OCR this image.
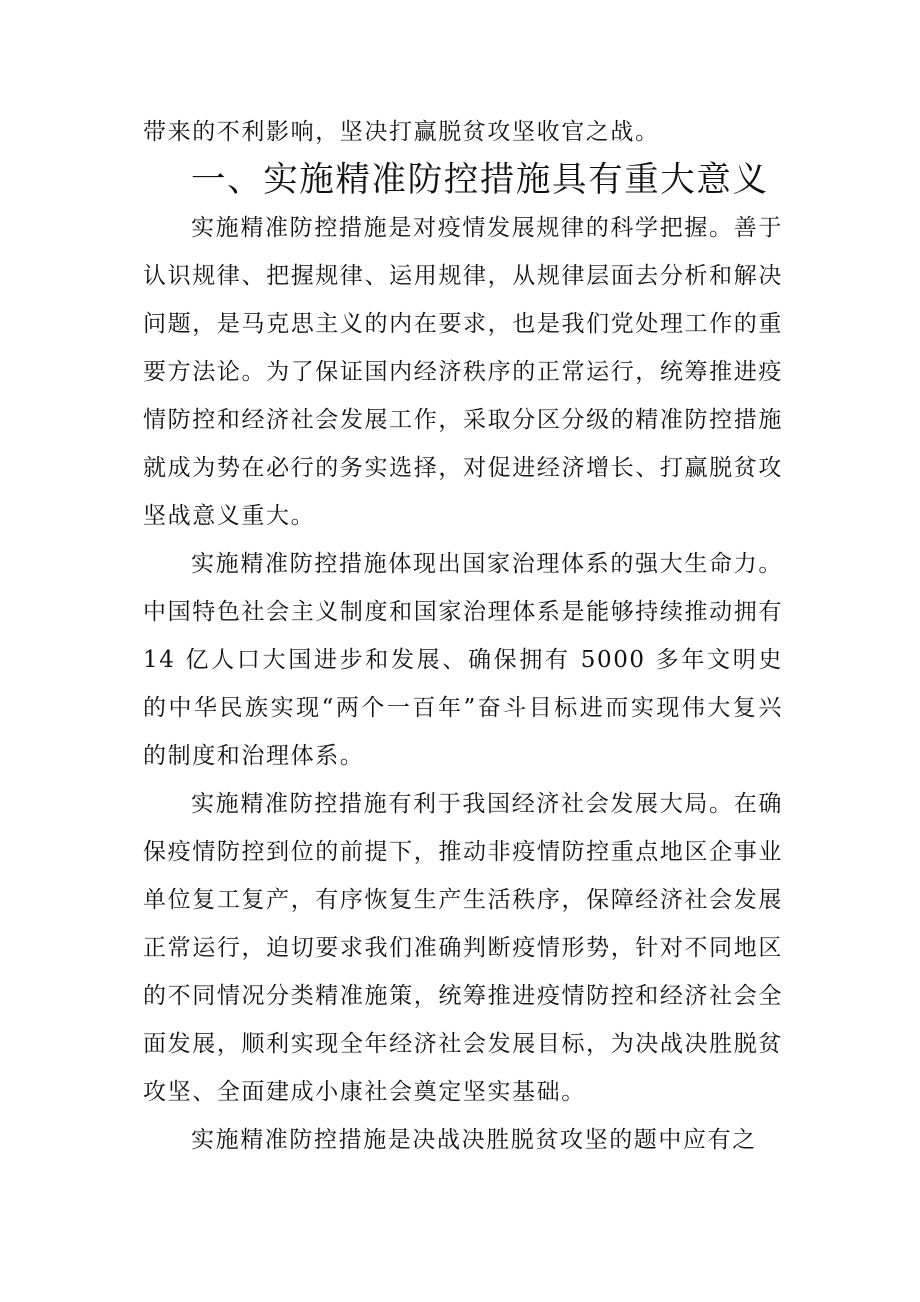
带来的不利影响，坚决打赢脱贫攻坚收官之战。

一、实施精准防控措施具有重大意义

实施精准防控措施是对疫情发展规律的科学把握。善于认识规律、把握规律、运用规律，从规律层面去分析和解决问题，是马克思主义的内在要求，也是我们党处理工作的重要方法论。为了保证国内经济秩序的正常运行，统筹推进疫情防控和经济社会发展工作，采取分区分级的精准防控措施就成为势在必行的务实选择，对促进经济增长、打赢脱贫攻坚战意义重大。

实施精准防控措施体现出国家治理体系的强大生命力。中国特色社会主义制度和国家治理体系是能够持续推动拥有 14 亿人口大国进步和发展、确保拥有 5000 多年文明史的中华民族实现“两个一百年”奋斗目标进而实现伟大复兴的制度和治理体系。

实施精准防控措施有利于我国经济社会发展大局。在确保疫情防控到位的前提下，推动非疫情防控重点地区企事业单位复工复产，有序恢复生产生活秩序，保障经济社会发展正常运行，迫切要求我们准确判断疫情形势，针对不同地区的不同情况分类精准施策，统筹推进疫情防控和经济社会全面发展，顺利实现全年经济社会发展目标，为决战决胜脱贫攻坚、全面建成小康社会奠定坚实基础。

实施精准防控措施是决战决胜脱贫攻坚的题中应有之
